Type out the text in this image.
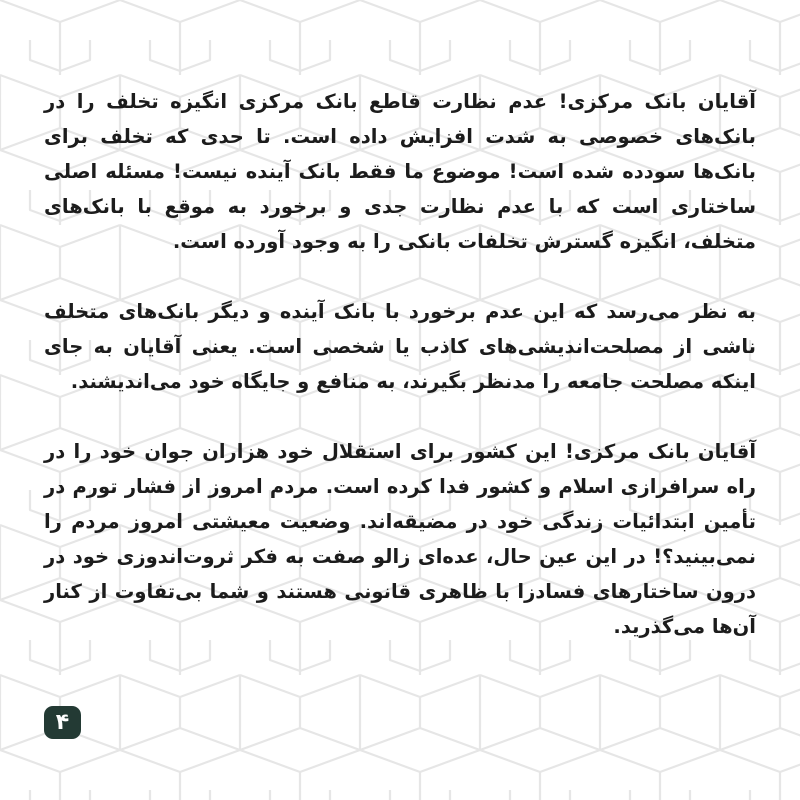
آقایان بانک مرکزی! عدم نظارت قاطع بانک مرکزی انگیزه تخلف را در بانک‌های خصوصی به شدت افزایش داده است. تا حدی که تخلف برای بانک‌ها سودده شده است! موضوع ما فقط بانک آینده نیست! مسئله اصلی ساختاری است که با عدم نظارت جدی و برخورد به موقع با بانک‌های متخلف، انگیزه گسترش تخلفات بانکی را به وجود آورده است.

به نظر می‌رسد که این عدم برخورد با بانک آینده و دیگر بانک‌های متخلف ناشی از مصلحت‌اندیشی‌های کاذب یا شخصی است. یعنی آقایان به جای اینکه مصلحت جامعه را مدنظر بگیرند، به منافع و جایگاه خود می‌اندیشند.

آقایان بانک مرکزی! این کشور برای استقلال خود هزاران جوان خود را در راه سرافرازی اسلام و کشور فدا کرده است. مردم امروز از فشار تورم در تأمین ابتدائیات زندگی خود در مضیقه‌اند. وضعیت معیشتی امروز مردم را نمی‌بینید؟! در این عین حال، عده‌ای زالو صفت به فکر ثروت‌اندوزی خود در درون ساختارهای فسادزا با ظاهری قانونی هستند و شما بی‌تفاوت از کنار آن‌ها می‌گذرید.

۴
